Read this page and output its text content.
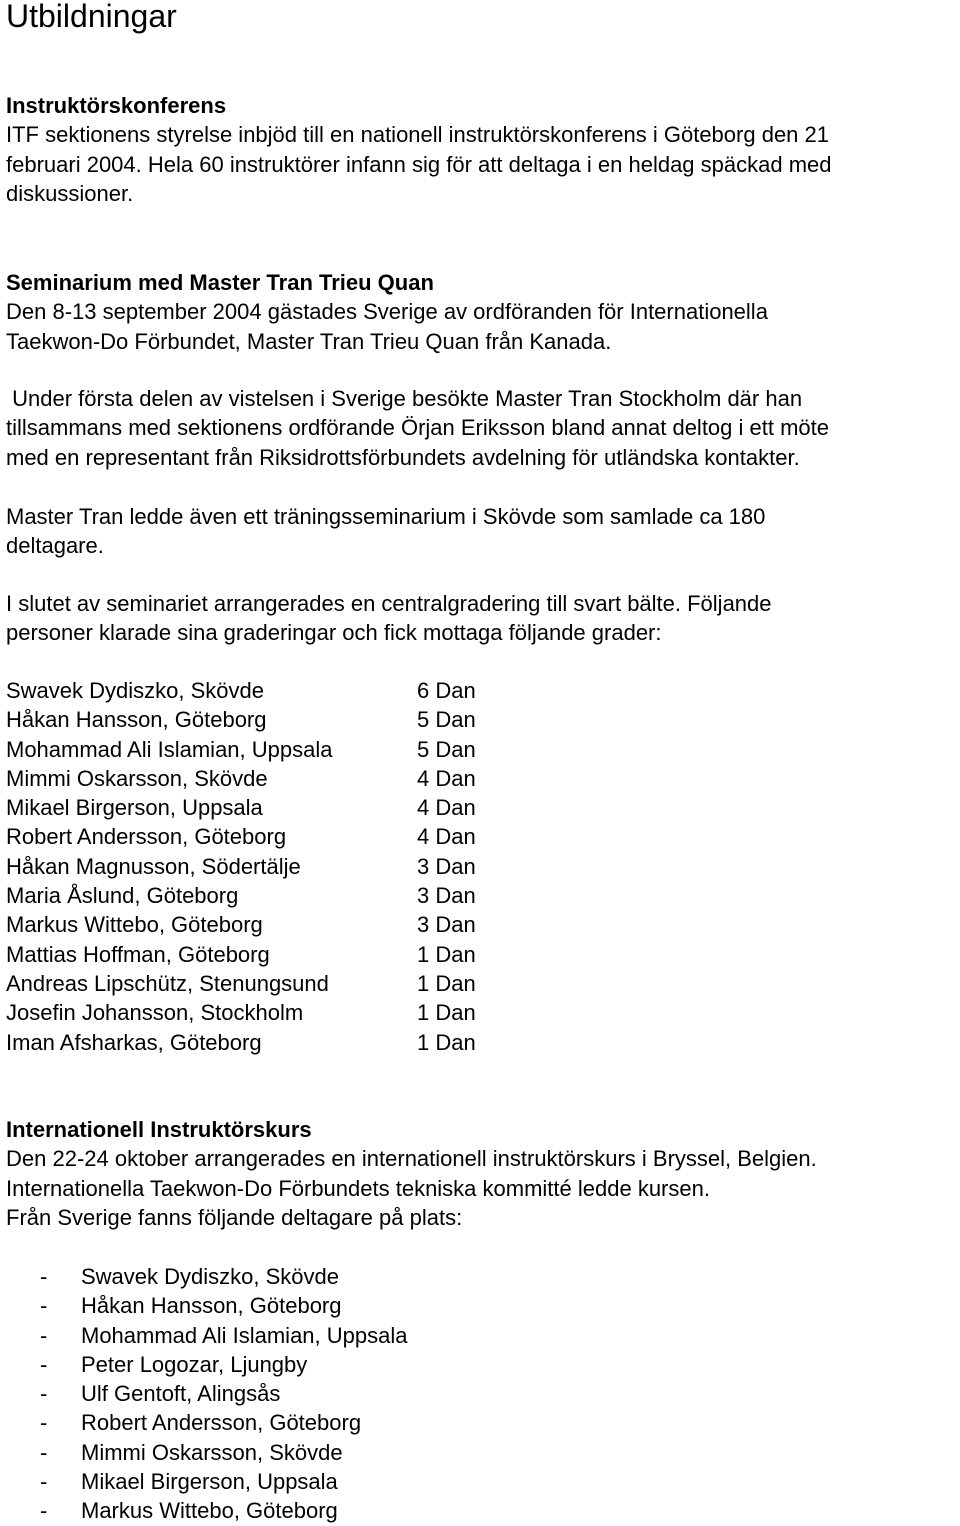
Utbildningar

Instruktörskonferens

ITF sektionens styrelse inbjöd till en nationell instruktörskonferens i Göteborg den 21

februari 2004. Hela 60 instruktörer infann sig för att deltaga i en heldag späckad med

diskussioner.

Seminarium med Master Tran Trieu Quan

Den 8-13 september 2004 gästades Sverige av ordföranden för Internationella

Taekwon-Do Förbundet, Master Tran Trieu Quan från Kanada.

Under första delen av vistelsen i Sverige besökte Master Tran Stockholm där han

tillsammans med sektionens ordförande Örjan Eriksson bland annat deltog i ett möte

med en representant från Riksidrottsförbundets avdelning för utländska kontakter.

Master Tran ledde även ett träningsseminarium i Skövde som samlade ca 180

deltagare.

I slutet av seminariet arrangerades en centralgradering till svart bälte. Följande

personer klarade sina graderingar och fick mottaga följande grader:

Swavek Dydiszko, Skövde	6 Dan
Håkan Hansson, Göteborg	5 Dan
Mohammad Ali Islamian, Uppsala	5 Dan
Mimmi Oskarsson, Skövde	4 Dan
Mikael Birgerson, Uppsala	4 Dan
Robert Andersson, Göteborg	4 Dan
Håkan Magnusson, Södertälje	3 Dan
Maria Åslund, Göteborg	3 Dan
Markus Wittebo, Göteborg	3 Dan
Mattias Hoffman, Göteborg	1 Dan
Andreas Lipschütz, Stenungsund	1 Dan
Josefin Johansson, Stockholm	1 Dan
Iman Afsharkas, Göteborg	1 Dan

Internationell Instruktörskurs

Den 22-24 oktober arrangerades en internationell instruktörskurs i Bryssel, Belgien.

Internationella Taekwon-Do Förbundets tekniska kommitté ledde kursen.

Från Sverige fanns följande deltagare på plats:

-	Swavek Dydiszko, Skövde
-	Håkan Hansson, Göteborg
-	Mohammad Ali Islamian, Uppsala
-	Peter Logozar, Ljungby
-	Ulf Gentoft, Alingsås
-	Robert Andersson, Göteborg
-	Mimmi Oskarsson, Skövde
-	Mikael Birgerson, Uppsala
-	Markus Wittebo, Göteborg
